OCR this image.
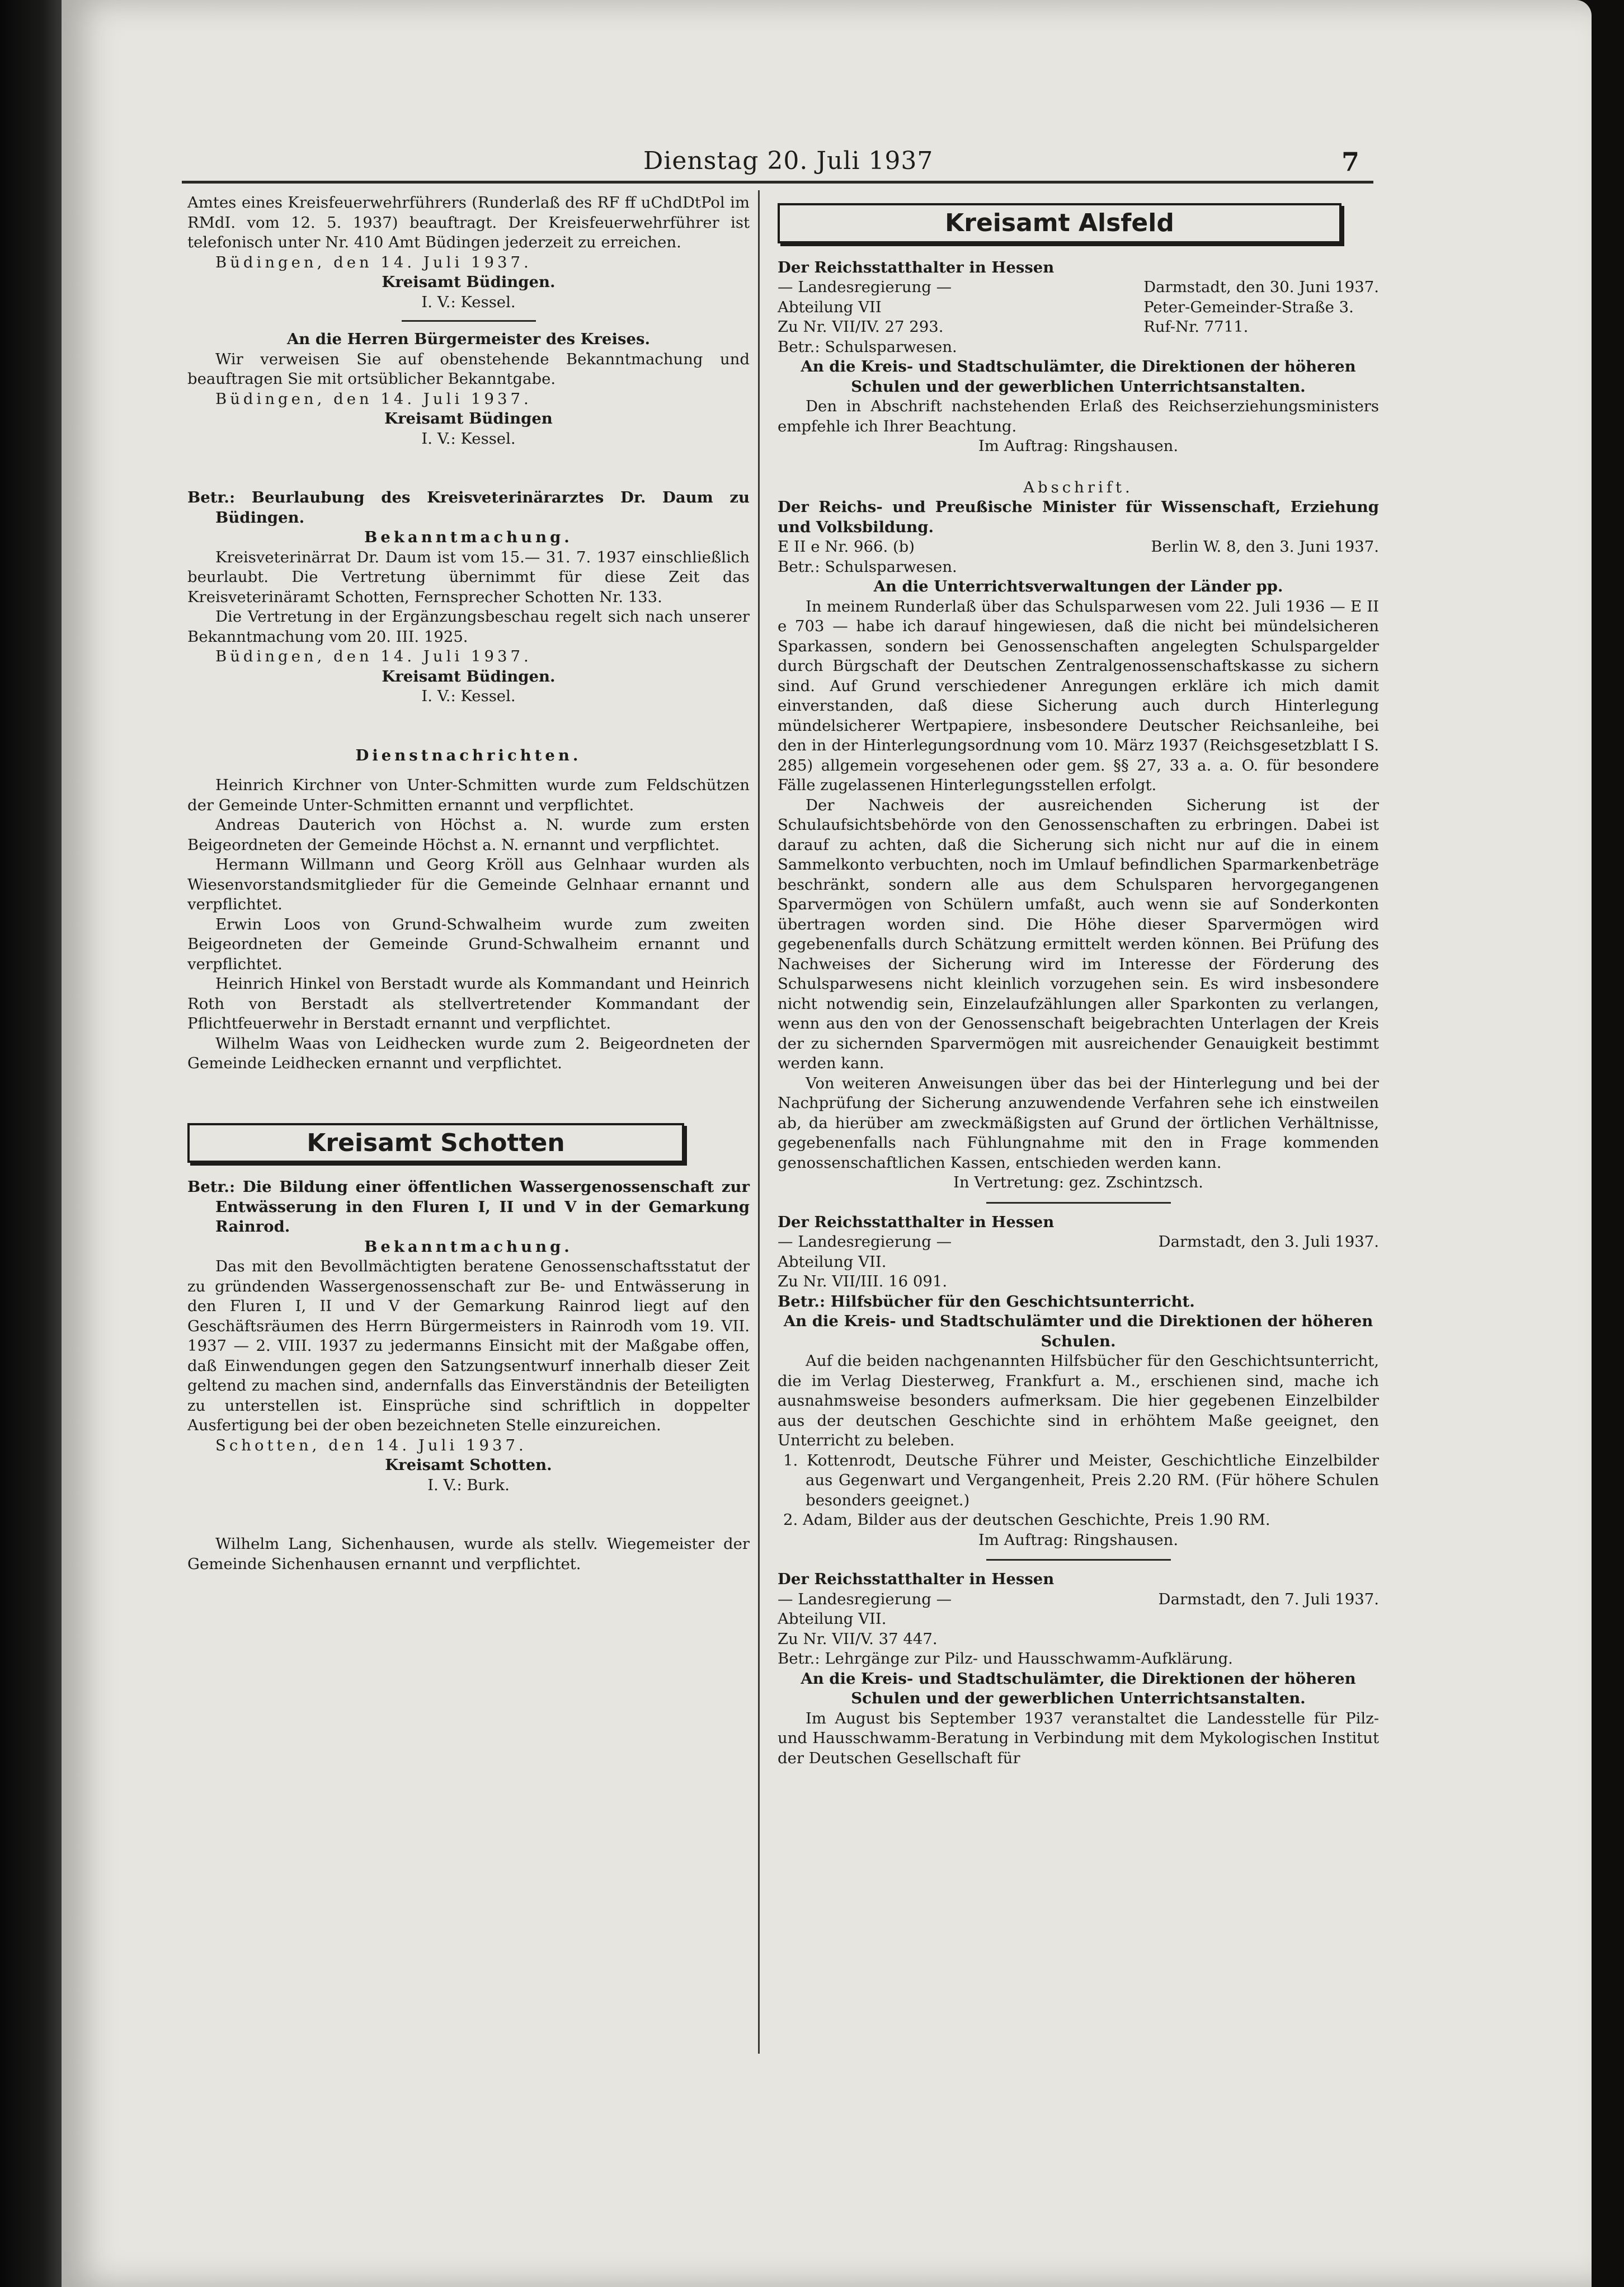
Dienstag 20. Juli 1937	7

Amtes eines Kreisfeuerwehrführers (Runderlaß des RF ff uChdDtPol im RMdI. vom 12. 5. 1937) beauftragt. Der Kreisfeuerwehrführer ist telefonisch unter Nr. 410 Amt Büdingen jederzeit zu erreichen.

Büdingen, den 14. Juli 1937.

Kreisamt Büdingen.

I. V.: Kessel.

An die Herren Bürgermeister des Kreises.

Wir verweisen Sie auf obenstehende Bekanntmachung und beauftragen Sie mit ortsüblicher Bekanntgabe.

Büdingen, den 14. Juli 1937.

Kreisamt Büdingen

I. V.: Kessel.

Betr.: Beurlaubung des Kreisveterinärarztes Dr. Daum zu Büdingen.

Bekanntmachung.

Kreisveterinärrat Dr. Daum ist vom 15.— 31. 7. 1937 einschließlich beurlaubt. Die Vertretung übernimmt für diese Zeit das Kreisveterinäramt Schotten, Fernsprecher Schotten Nr. 133.

Die Vertretung in der Ergänzungsbeschau regelt sich nach unserer Bekanntmachung vom 20. III. 1925.

Büdingen, den 14. Juli 1937.

Kreisamt Büdingen.

I. V.: Kessel.

Dienstnachrichten.

Heinrich Kirchner von Unter-Schmitten wurde zum Feldschützen der Gemeinde Unter-Schmitten ernannt und verpflichtet.

Andreas Dauterich von Höchst a. N. wurde zum ersten Beigeordneten der Gemeinde Höchst a. N. ernannt und verpflichtet.

Hermann Willmann und Georg Kröll aus Gelnhaar wurden als Wiesenvorstandsmitglieder für die Gemeinde Gelnhaar ernannt und verpflichtet.

Erwin Loos von Grund-Schwalheim wurde zum zweiten Beigeordneten der Gemeinde Grund-Schwalheim ernannt und verpflichtet.

Heinrich Hinkel von Berstadt wurde als Kommandant und Heinrich Roth von Berstadt als stellvertretender Kommandant der Pflichtfeuerwehr in Berstadt ernannt und verpflichtet.

Wilhelm Waas von Leidhecken wurde zum 2. Beigeordneten der Gemeinde Leidhecken ernannt und verpflichtet.

Kreisamt Schotten

Betr.: Die Bildung einer öffentlichen Wassergenossenschaft zur Entwässerung in den Fluren I, II und V in der Gemarkung Rainrod.

Bekanntmachung.

Das mit den Bevollmächtigten beratene Genossenschaftsstatut der zu gründenden Wassergenossenschaft zur Be- und Entwässerung in den Fluren I, II und V der Gemarkung Rainrod liegt auf den Geschäftsräumen des Herrn Bürgermeisters in Rainrodh vom 19. VII. 1937 — 2. VIII. 1937 zu jedermanns Einsicht mit der Maßgabe offen, daß Einwendungen gegen den Satzungsentwurf innerhalb dieser Zeit geltend zu machen sind, andernfalls das Einverständnis der Beteiligten zu unterstellen ist. Einsprüche sind schriftlich in doppelter Ausfertigung bei der oben bezeichneten Stelle einzureichen.

Schotten, den 14. Juli 1937.

Kreisamt Schotten.

I. V.: Burk.

Wilhelm Lang, Sichenhausen, wurde als stellv. Wiegemeister der Gemeinde Sichenhausen ernannt und verpflichtet.

Kreisamt Alsfeld
Der Reichsstatthalter in Hessen
— Landesregierung —
Abteilung VII
Zu Nr. VII/IV. 27 293.

Darmstadt, den 30. Juni 1937.
Peter-Gemeinder-Straße 3.
Ruf-Nr. 7711.

Betr.: Schulsparwesen.

An die Kreis- und Stadtschulämter, die Direktionen der höheren Schulen und der gewerblichen Unterrichtsanstalten.

Den in Abschrift nachstehenden Erlaß des Reichserziehungsministers empfehle ich Ihrer Beachtung.

Im Auftrag: Ringshausen.

Abschrift.

Der Reichs- und Preußische Minister für Wissenschaft, Erziehung und Volksbildung.

E II e Nr. 966. (b)	Berlin W. 8, den 3. Juni 1937.

Betr.: Schulsparwesen.

An die Unterrichtsverwaltungen der Länder pp.

In meinem Runderlaß über das Schulsparwesen vom 22. Juli 1936 — E II e 703 — habe ich darauf hingewiesen, daß die nicht bei mündelsicheren Sparkassen, sondern bei Genossenschaften angelegten Schulspargelder durch Bürgschaft der Deutschen Zentralgenossenschaftskasse zu sichern sind. Auf Grund verschiedener Anregungen erkläre ich mich damit einverstanden, daß diese Sicherung auch durch Hinterlegung mündelsicherer Wertpapiere, insbesondere Deutscher Reichsanleihe, bei den in der Hinterlegungsordnung vom 10. März 1937 (Reichsgesetzblatt I S. 285) allgemein vorgesehenen oder gem. §§ 27, 33 a. a. O. für besondere Fälle zugelassenen Hinterlegungsstellen erfolgt.

Der Nachweis der ausreichenden Sicherung ist der Schulaufsichtsbehörde von den Genossenschaften zu erbringen. Dabei ist darauf zu achten, daß die Sicherung sich nicht nur auf die in einem Sammelkonto verbuchten, noch im Umlauf befindlichen Sparmarkenbeträge beschränkt, sondern alle aus dem Schulsparen hervorgegangenen Sparvermögen von Schülern umfaßt, auch wenn sie auf Sonderkonten übertragen worden sind. Die Höhe dieser Sparvermögen wird gegebenenfalls durch Schätzung ermittelt werden können. Bei Prüfung des Nachweises der Sicherung wird im Interesse der Förderung des Schulsparwesens nicht kleinlich vorzugehen sein. Es wird insbesondere nicht notwendig sein, Einzelaufzählungen aller Sparkonten zu verlangen, wenn aus den von der Genossenschaft beigebrachten Unterlagen der Kreis der zu sichernden Sparvermögen mit ausreichender Genauigkeit bestimmt werden kann.

Von weiteren Anweisungen über das bei der Hinterlegung und bei der Nachprüfung der Sicherung anzuwendende Verfahren sehe ich einstweilen ab, da hierüber am zweckmäßigsten auf Grund der örtlichen Verhältnisse, gegebenenfalls nach Fühlungnahme mit den in Frage kommenden genossenschaftlichen Kassen, entschieden werden kann.

In Vertretung: gez. Zschintzsch.

Der Reichsstatthalter in Hessen
— Landesregierung —
Abteilung VII.
Zu Nr. VII/III. 16 091.

Darmstadt, den 3. Juli 1937.

Betr.: Hilfsbücher für den Geschichtsunterricht.

An die Kreis- und Stadtschulämter und die Direktionen der höheren Schulen.

Auf die beiden nachgenannten Hilfsbücher für den Geschichtsunterricht, die im Verlag Diesterweg, Frankfurt a. M., erschienen sind, mache ich ausnahmsweise besonders aufmerksam. Die hier gegebenen Einzelbilder aus der deutschen Geschichte sind in erhöhtem Maße geeignet, den Unterricht zu beleben.

1. Kottenrodt, Deutsche Führer und Meister, Geschichtliche Einzelbilder aus Gegenwart und Vergangenheit, Preis 2.20 RM. (Für höhere Schulen besonders geeignet.)

2. Adam, Bilder aus der deutschen Geschichte, Preis 1.90 RM.

Im Auftrag: Ringshausen.

Der Reichsstatthalter in Hessen
— Landesregierung —
Abteilung VII.
Zu Nr. VII/V. 37 447.

Darmstadt, den 7. Juli 1937.

Betr.: Lehrgänge zur Pilz- und Hausschwamm-Aufklärung.

An die Kreis- und Stadtschulämter, die Direktionen der höheren Schulen und der gewerblichen Unterrichtsanstalten.

Im August bis September 1937 veranstaltet die Landesstelle für Pilz- und Hausschwamm-Beratung in Verbindung mit dem Mykologischen Institut der Deutschen Gesellschaft für
